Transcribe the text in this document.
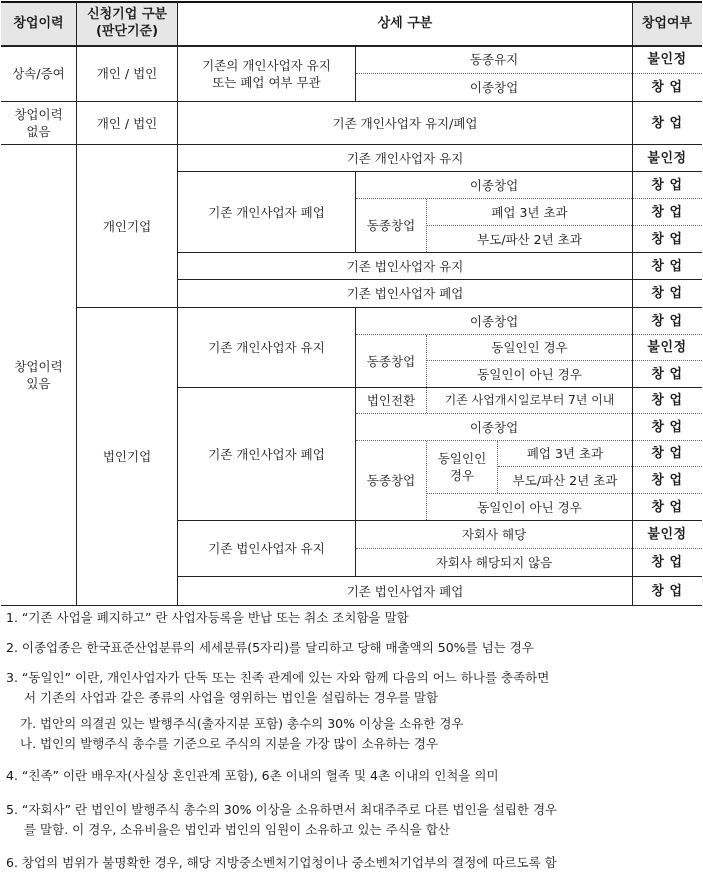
창업이력
신청기업 구분
(판단기준)
상세 구분	창업여부
상속/증여
창업이력
없음
창업이력
있음
개인 / 법인
개인 / 법인
개인기업
법인기업
기존의 개인사업자 유지
또는 폐업 여부 무관
동종유지
이종창업
기존 개인사업자 유지/폐업
기존 개인사업자 유지
기존 개인사업자 폐업
이종창업
동종창업
폐업 3년 초과
부도/파산 2년 초과
기존 법인사업자 유지
기존 법인사업자 폐업
기존 개인사업자 유지
이종창업
동종창업
동일인인 경우
동일인이 아닌 경우
기존 개인사업자 폐업
법인전환	기존 사업개시일로부터 7년 이내
이종창업
동종창업
동일인인
경우
폐업 3년 초과
부도/파산 2년 초과
동일인이 아닌 경우
기존 법인사업자 유지
자회사 해당
자회사 해당되지 않음
기존 법인사업자 폐업
불인정
창 업
창 업
불인정
창 업
창 업
창 업
창 업
창 업
창 업
불인정
창 업
창 업
창 업
창 업
창 업
창 업
불인정
창 업
창 업
1. “기존 사업을 폐지하고” 란 사업자등록을 반납 또는 취소 조치함을 말함
2. 이종업종은 한국표준산업분류의 세세분류(5자리)를 달리하고 당해 매출액의 50%를 넘는 경우
3. “동일인” 이란, 개인사업자가 단독 또는 친족 관계에 있는 자와 함께 다음의 어느 하나를 충족하면
서 기존의 사업과 같은 종류의 사업을 영위하는 법인을 설립하는 경우를 말함
가. 법안의 의결권 있는 발행주식(출자지분 포함) 총수의 30% 이상을 소유한 경우
나. 법인의 발행주식 총수를 기준으로 주식의 지분을 가장 많이 소유하는 경우
4. “친족” 이란 배우자(사실상 혼인관계 포함), 6촌 이내의 혈족 및 4촌 이내의 인척을 의미
5. “자회사” 란 법인이 발행주식 총수의 30% 이상을 소유하면서 최대주주로 다른 법인을 설립한 경우
를 말함. 이 경우, 소유비율은 법인과 법인의 임원이 소유하고 있는 주식을 합산
6. 창업의 범위가 불명확한 경우, 해당 지방중소벤처기업청이나 중소벤처기업부의 결정에 따르도록 함
